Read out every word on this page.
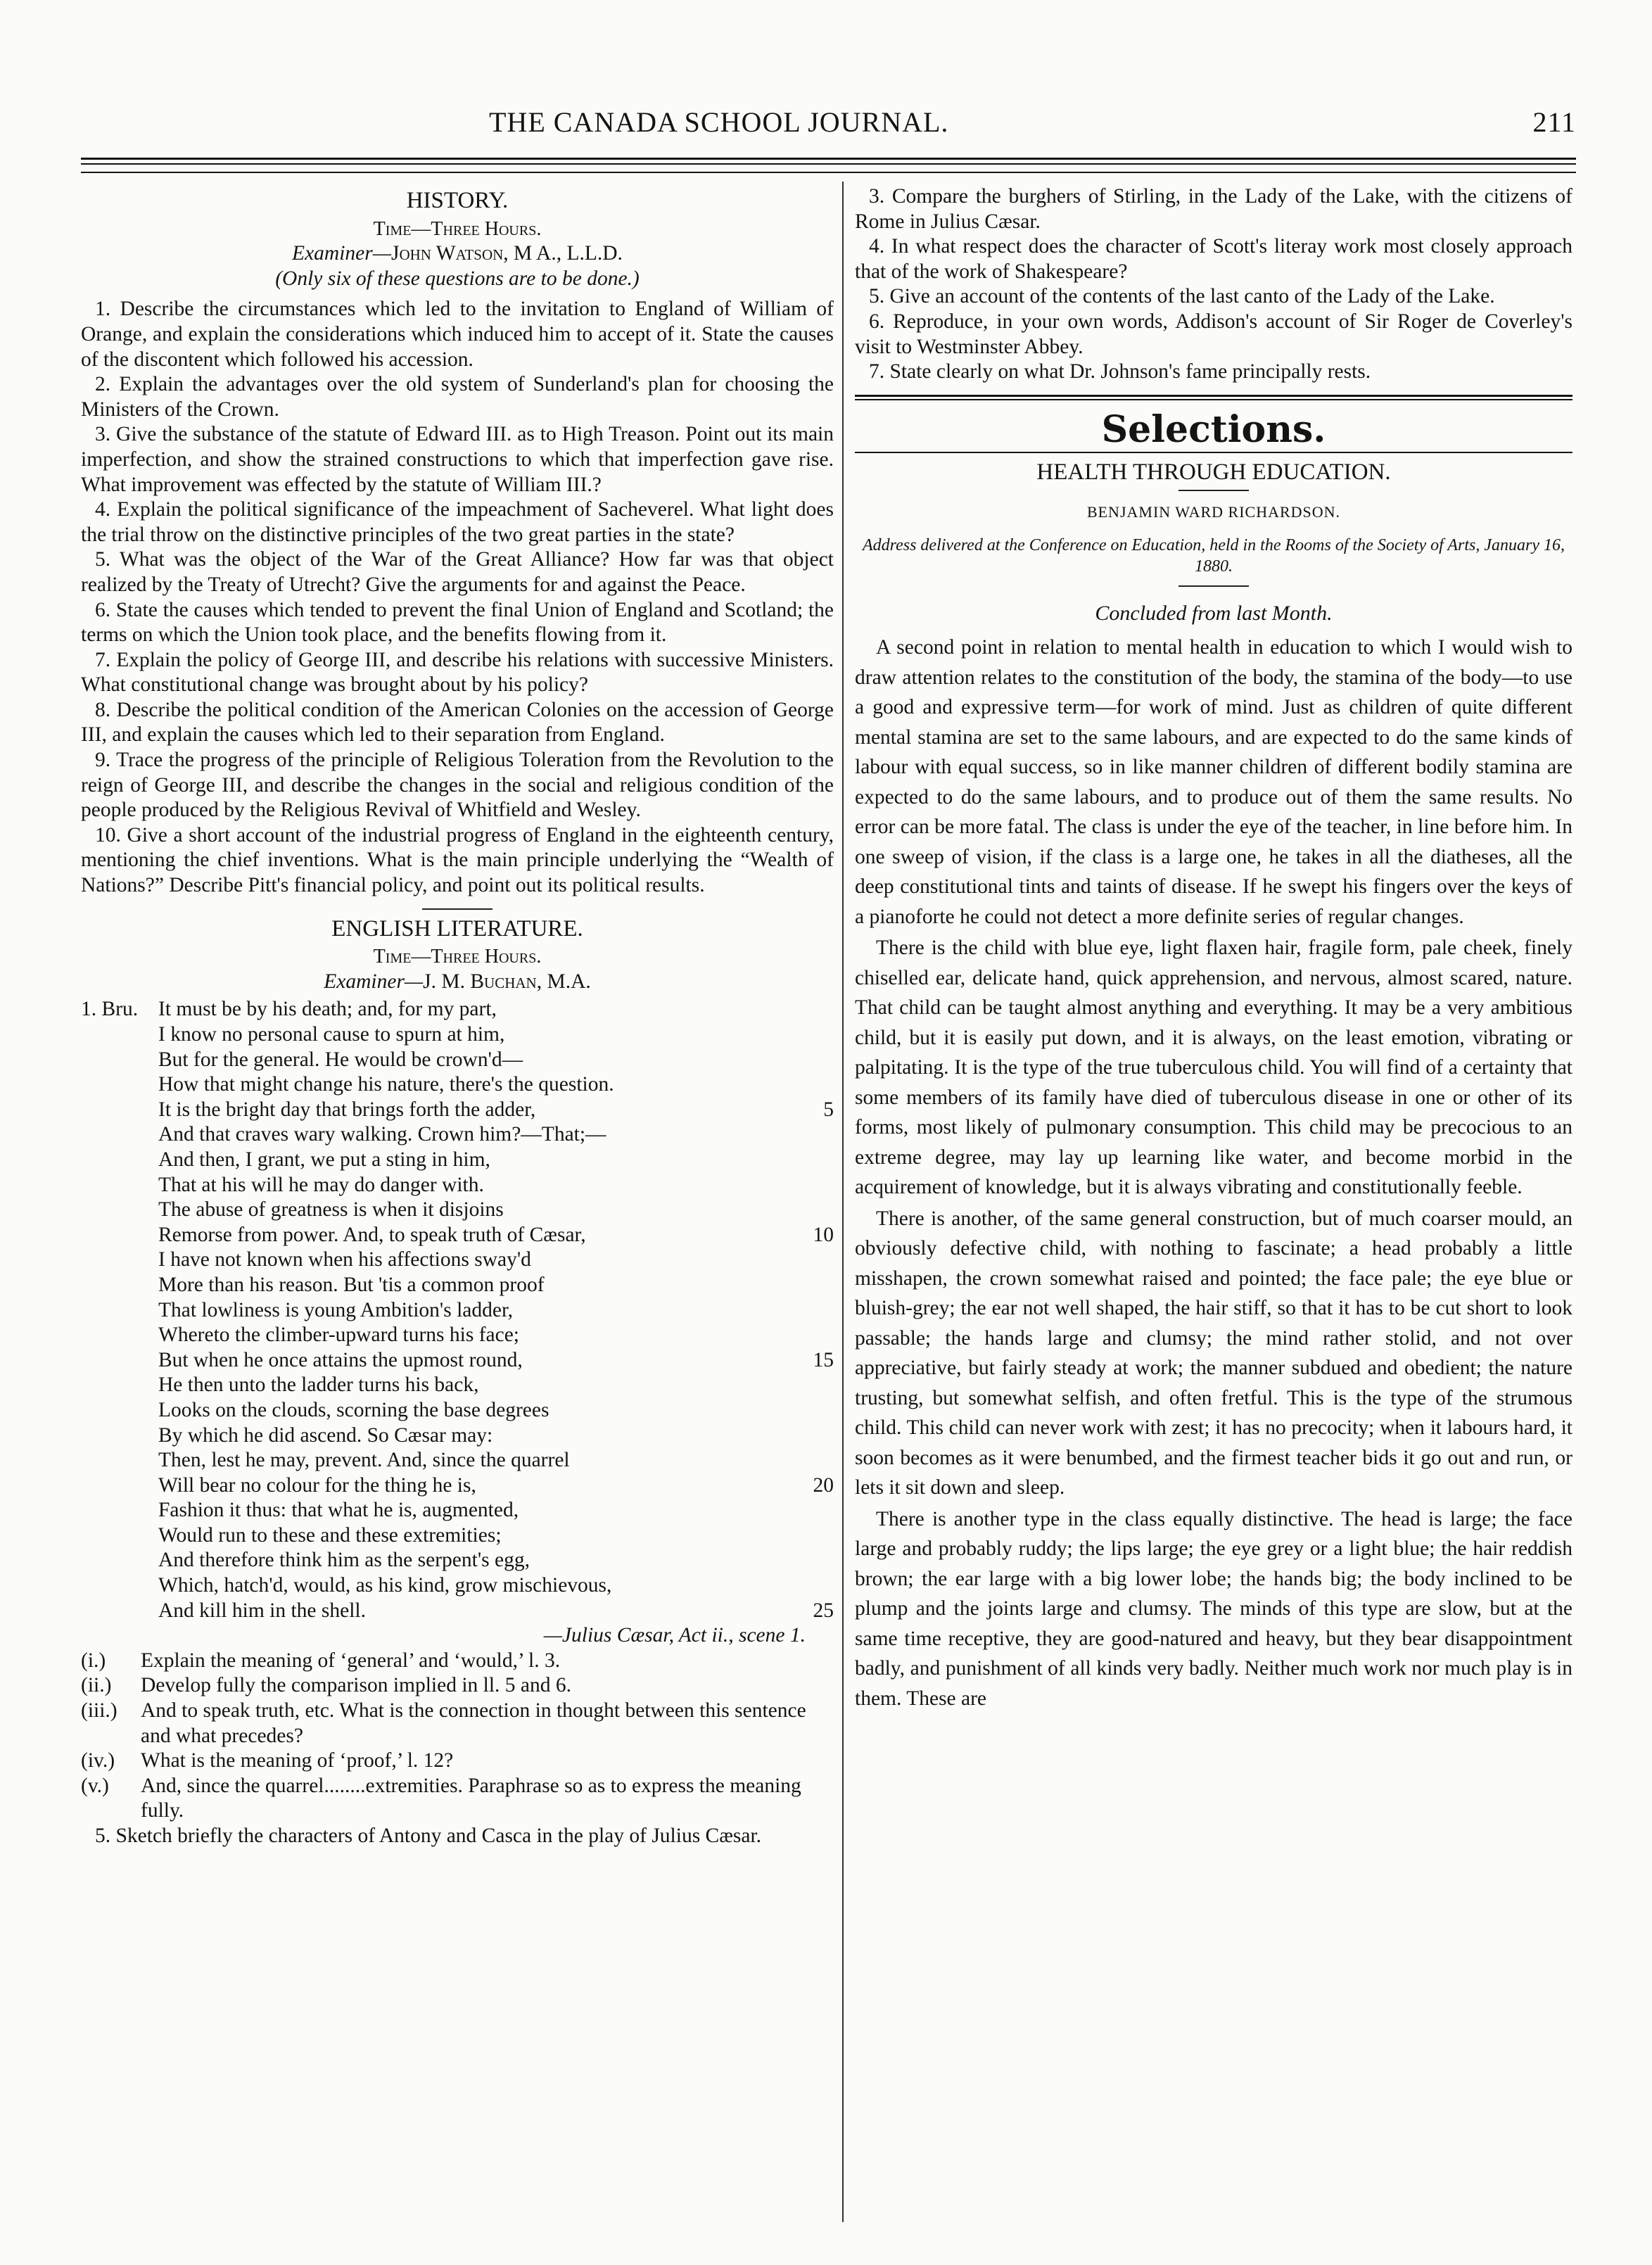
THE CANADA SCHOOL JOURNAL.	211
HISTORY.
Time—Three Hours.
Examiner—John Watson, M A., L.L.D.
(Only six of these questions are to be done.)

1. Describe the circumstances which led to the invitation to England of William of Orange, and explain the considerations which induced him to accept of it. State the causes of the discontent which followed his accession.

2. Explain the advantages over the old system of Sunderland's plan for choosing the Ministers of the Crown.

3. Give the substance of the statute of Edward III. as to High Treason. Point out its main imperfection, and show the strained constructions to which that imperfection gave rise. What improvement was effected by the statute of William III.?

4. Explain the political significance of the impeachment of Sacheverel. What light does the trial throw on the distinctive principles of the two great parties in the state?

5. What was the object of the War of the Great Alliance? How far was that object realized by the Treaty of Utrecht? Give the arguments for and against the Peace.

6. State the causes which tended to prevent the final Union of England and Scotland; the terms on which the Union took place, and the benefits flowing from it.

7. Explain the policy of George III, and describe his relations with successive Ministers. What constitutional change was brought about by his policy?

8. Describe the political condition of the American Colonies on the accession of George III, and explain the causes which led to their separation from England.

9. Trace the progress of the principle of Religious Toleration from the Revolution to the reign of George III, and describe the changes in the social and religious condition of the people produced by the Religious Revival of Whitfield and Wesley.

10. Give a short account of the industrial progress of England in the eighteenth century, mentioning the chief inventions. What is the main principle underlying the “Wealth of Nations?” Describe Pitt's financial policy, and point out its political results.

ENGLISH LITERATURE.
Time—Three Hours.
Examiner—J. M. Buchan, M.A.
1. Bru. It must be by his death; and, for my part,
I know no personal cause to spurn at him,
But for the general. He would be crown'd—
How that might change his nature, there's the question.
It is the bright day that brings forth the adder,	5
And that craves wary walking. Crown him?—That;—
And then, I grant, we put a sting in him,
That at his will he may do danger with.
The abuse of greatness is when it disjoins
Remorse from power. And, to speak truth of Cæsar,	10
I have not known when his affections sway'd
More than his reason. But 'tis a common proof
That lowliness is young Ambition's ladder,
Whereto the climber-upward turns his face;
But when he once attains the upmost round,	15
He then unto the ladder turns his back,
Looks on the clouds, scorning the base degrees
By which he did ascend. So Cæsar may:
Then, lest he may, prevent. And, since the quarrel
Will bear no colour for the thing he is,	20
Fashion it thus: that what he is, augmented,
Would run to these and these extremities;
And therefore think him as the serpent's egg,
Which, hatch'd, would, as his kind, grow mischievous,
And kill him in the shell.	25
—Julius Cæsar, Act ii., scene 1.
(i.)	Explain the meaning of ‘general’ and ‘would,’ l. 3.
(ii.)	Develop fully the comparison implied in ll. 5 and 6.
(iii.)	And to speak truth, etc. What is the connection in thought between this sentence and what precedes?
(iv.)	What is the meaning of ‘proof,’ l. 12?
(v.)	And, since the quarrel........extremities. Paraphrase so as to express the meaning fully.

5. Sketch briefly the characters of Antony and Casca in the play of Julius Cæsar.

3. Compare the burghers of Stirling, in the Lady of the Lake, with the citizens of Rome in Julius Cæsar.

4. In what respect does the character of Scott's literay work most closely approach that of the work of Shakespeare?

5. Give an account of the contents of the last canto of the Lady of the Lake.

6. Reproduce, in your own words, Addison's account of Sir Roger de Coverley's visit to Westminster Abbey.

7. State clearly on what Dr. Johnson's fame principally rests.

Selections.
HEALTH THROUGH EDUCATION.
BENJAMIN WARD RICHARDSON.
Address delivered at the Conference on Education, held in the Rooms of the Society of Arts, January 16, 1880.
Concluded from last Month.

A second point in relation to mental health in education to which I would wish to draw attention relates to the constitution of the body, the stamina of the body—to use a good and expressive term—for work of mind. Just as children of quite different mental stamina are set to the same labours, and are expected to do the same kinds of labour with equal success, so in like manner children of different bodily stamina are expected to do the same labours, and to produce out of them the same results. No error can be more fatal. The class is under the eye of the teacher, in line before him. In one sweep of vision, if the class is a large one, he takes in all the diatheses, all the deep constitutional tints and taints of disease. If he swept his fingers over the keys of a pianoforte he could not detect a more definite series of regular changes.

There is the child with blue eye, light flaxen hair, fragile form, pale cheek, finely chiselled ear, delicate hand, quick apprehension, and nervous, almost scared, nature. That child can be taught almost anything and everything. It may be a very ambitious child, but it is easily put down, and it is always, on the least emotion, vibrating or palpitating. It is the type of the true tuberculous child. You will find of a certainty that some members of its family have died of tuberculous disease in one or other of its forms, most likely of pulmonary consumption. This child may be precocious to an extreme degree, may lay up learning like water, and become morbid in the acquirement of knowledge, but it is always vibrating and constitutionally feeble.

There is another, of the same general construction, but of much coarser mould, an obviously defective child, with nothing to fascinate; a head probably a little misshapen, the crown somewhat raised and pointed; the face pale; the eye blue or bluish-grey; the ear not well shaped, the hair stiff, so that it has to be cut short to look passable; the hands large and clumsy; the mind rather stolid, and not over appreciative, but fairly steady at work; the manner subdued and obedient; the nature trusting, but somewhat selfish, and often fretful. This is the type of the strumous child. This child can never work with zest; it has no precocity; when it labours hard, it soon becomes as it were benumbed, and the firmest teacher bids it go out and run, or lets it sit down and sleep.

There is another type in the class equally distinctive. The head is large; the face large and probably ruddy; the lips large; the eye grey or a light blue; the hair reddish brown; the ear large with a big lower lobe; the hands big; the body inclined to be plump and the joints large and clumsy. The minds of this type are slow, but at the same time receptive, they are good-natured and heavy, but they bear disappointment badly, and punishment of all kinds very badly. Neither much work nor much play is in them. These are
